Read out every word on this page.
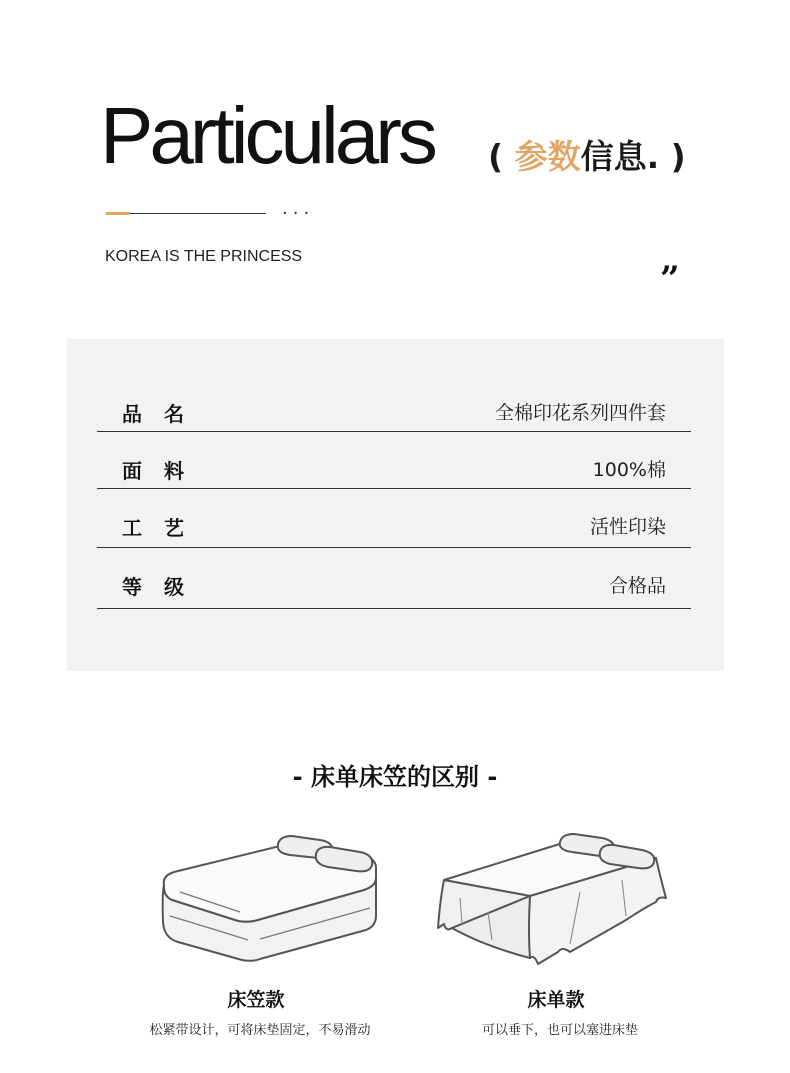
Particulars ( 参数信息. )
...
KOREA IS THE PRINCESS
”
品名	全棉印花系列四件套
面料	100%棉
工艺	活性印染
等级	合格品
- 床单床笠的区别 -
床笠款
松紧带设计，可将床垫固定，不易滑动
床单款
可以垂下，也可以塞进床垫
